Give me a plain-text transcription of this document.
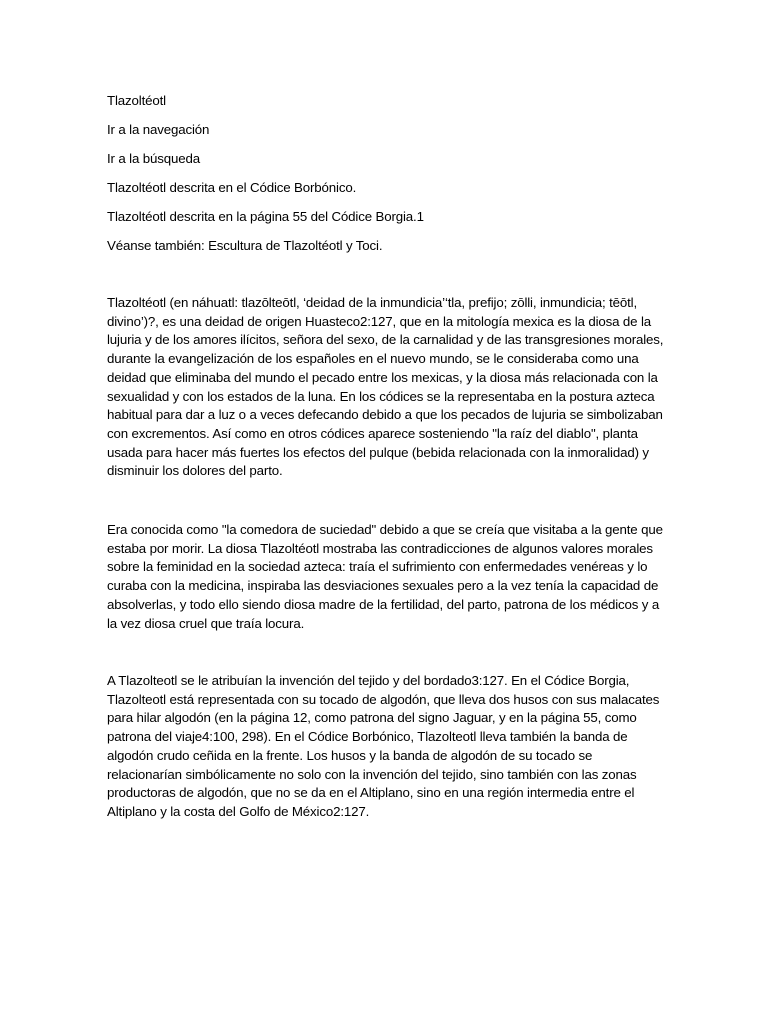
Tlazoltéotl

Ir a la navegación

Ir a la búsqueda

Tlazoltéotl descrita en el Códice Borbónico.

Tlazoltéotl descrita en la página 55 del Códice Borgia.1

Véanse también: Escultura de Tlazoltéotl y Toci.

Tlazoltéotl (en náhuatl: tlazōlteōtl, ‘deidad de la inmundicia’‘tla, prefijo; zōlli, inmundicia; tēōtl, divino’)?, es una deidad de origen Huasteco2:127, que en la mitología mexica es la diosa de la lujuria y de los amores ilícitos, señora del sexo, de la carnalidad y de las transgresiones morales, durante la evangelización de los españoles en el nuevo mundo, se le consideraba como una deidad que eliminaba del mundo el pecado entre los mexicas, y la diosa más relacionada con la sexualidad y con los estados de la luna. En los códices se la representaba en la postura azteca habitual para dar a luz o a veces defecando debido a que los pecados de lujuria se simbolizaban con excrementos. Así como en otros códices aparece sosteniendo "la raíz del diablo", planta usada para hacer más fuertes los efectos del pulque (bebida relacionada con la inmoralidad) y disminuir los dolores del parto.

Era conocida como "la comedora de suciedad" debido a que se creía que visitaba a la gente que estaba por morir. La diosa Tlazoltéotl mostraba las contradicciones de algunos valores morales sobre la feminidad en la sociedad azteca: traía el sufrimiento con enfermedades venéreas y lo curaba con la medicina, inspiraba las desviaciones sexuales pero a la vez tenía la capacidad de absolverlas, y todo ello siendo diosa madre de la fertilidad, del parto, patrona de los médicos y a la vez diosa cruel que traía locura.

A Tlazolteotl se le atribuían la invención del tejido y del bordado3:127. En el Códice Borgia, Tlazolteotl está representada con su tocado de algodón, que lleva dos husos con sus malacates para hilar algodón (en la página 12, como patrona del signo Jaguar, y en la página 55, como patrona del viaje4:100, 298). En el Códice Borbónico, Tlazolteotl lleva también la banda de algodón crudo ceñida en la frente. Los husos y la banda de algodón de su tocado se relacionarían simbólicamente no solo con la invención del tejido, sino también con las zonas productoras de algodón, que no se da en el Altiplano, sino en una región intermedia entre el Altiplano y la costa del Golfo de México2:127.
